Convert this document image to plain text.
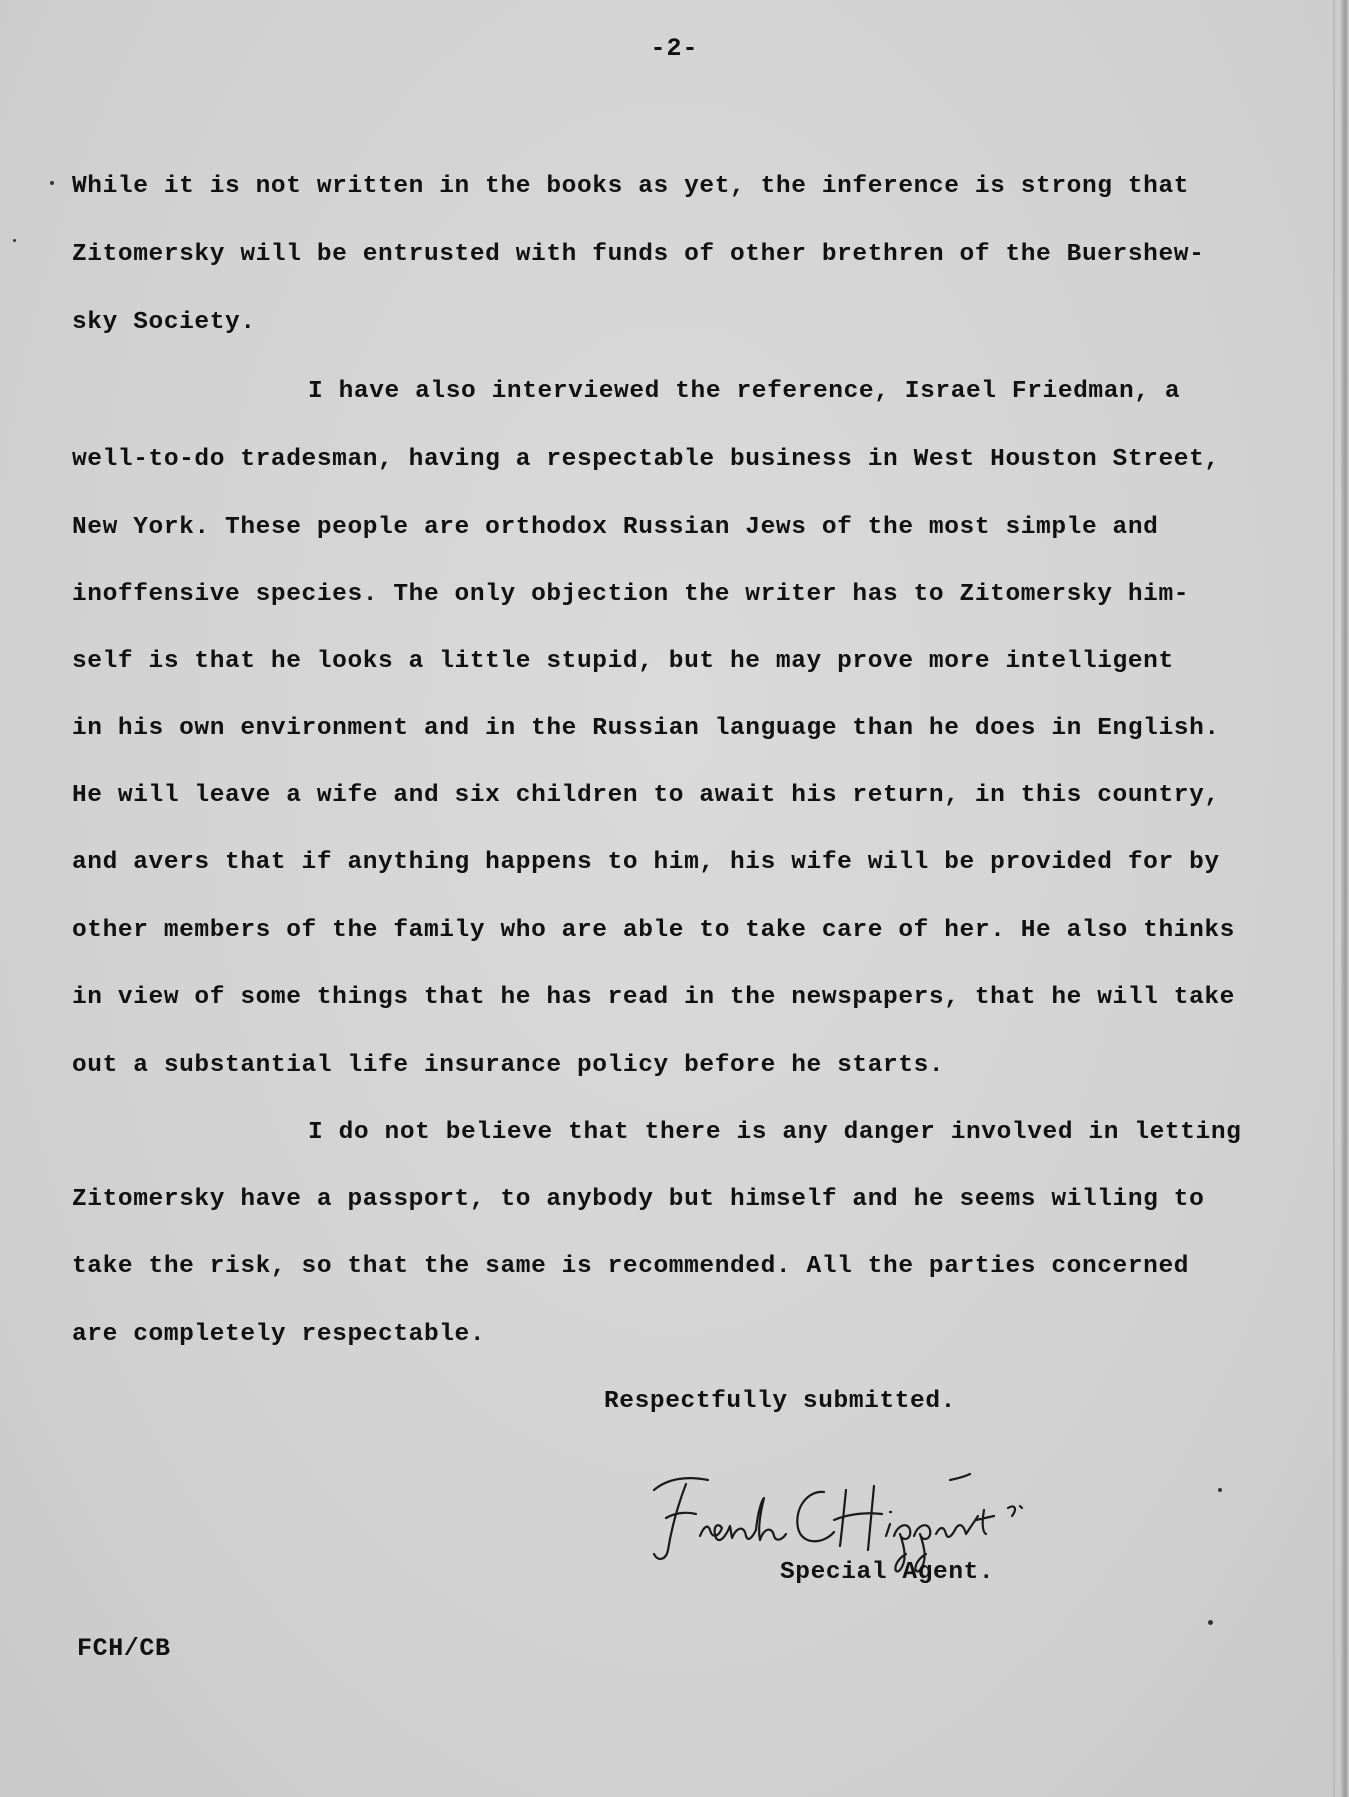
-2-
While it is not written in the books as yet, the inference is strong that
Zitomersky will be entrusted with funds of other brethren of the Buershew-
sky Society.
I have also interviewed the reference, Israel Friedman, a
well-to-do tradesman, having a respectable business in West Houston Street,
New York. These people are orthodox Russian Jews of the most simple and
inoffensive species. The only objection the writer has to Zitomersky him-
self is that he looks a little stupid, but he may prove more intelligent
in his own environment and in the Russian language than he does in English.
He will leave a wife and six children to await his return, in this country,
and avers that if anything happens to him, his wife will be provided for by
other members of the family who are able to take care of her. He also thinks
in view of some things that he has read in the newspapers, that he will take
out a substantial life insurance policy before he starts.
I do not believe that there is any danger involved in letting
Zitomersky have a passport, to anybody but himself and he seems willing to
take the risk, so that the same is recommended. All the parties concerned
are completely respectable.
Respectfully submitted.
Special Agent.
FCH/CB
